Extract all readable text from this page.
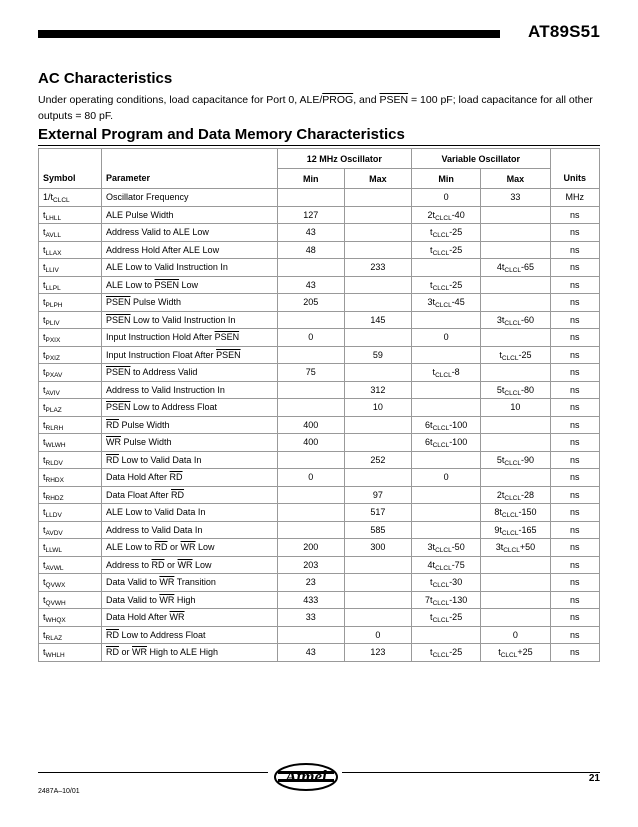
AT89S51
AC Characteristics
Under operating conditions, load capacitance for Port 0, ALE/PROG, and PSEN = 100 pF; load capacitance for all other outputs = 80 pF.
External Program and Data Memory Characteristics
		12 MHz Oscillator		Variable Oscillator		
Symbol	Parameter	Min	Max	Min	Max	Units
$1/t_{CLCL}$	Oscillator Frequency			0	33	MHz
$t_{LHLL}$	ALE Pulse Width	127		$2t_{CLCL}-40$		ns
$t_{AVLL}$	Address Valid to ALE Low	43		$t_{CLCL}-25$		ns
$t_{LLAX}$	Address Hold After ALE Low	48		$t_{CLCL}-25$		ns
$t_{LLIV}$	ALE Low to Valid Instruction In		233		$4t_{CLCL}-65$	ns
$t_{LLPL}$	ALE Low to PSEN Low	43		$t_{CLCL}-25$		ns
$t_{PLPH}$	PSEN Pulse Width	205		$3t_{CLCL}-45$		ns
$t_{PLIV}$	PSEN Low to Valid Instruction In		145		$3t_{CLCL}-60$	ns
$t_{PXIX}$	Input Instruction Hold After PSEN	0		0		ns
$t_{PXIZ}$	Input Instruction Float After PSEN		59		$t_{CLCL}-25$	ns
$t_{PXAV}$	PSEN to Address Valid	75		$t_{CLCL}-8$		ns
$t_{AVIV}$	Address to Valid Instruction In		312		$5t_{CLCL}-80$	ns
$t_{PLAZ}$	PSEN Low to Address Float		10		10	ns
$t_{RLRH}$	$\overline{RD}$ Pulse Width	400		$6t_{CLCL}-100$		ns
$t_{WLWH}$	$\overline{WR}$ Pulse Width	400		$6t_{CLCL}-100$		ns
$t_{RLDV}$	$\overline{RD}$ Low to Valid Data In		252		$5t_{CLCL}-90$	ns
$t_{RHDX}$	Data Hold After $\overline{RD}$	0		0		ns
$t_{RHDZ}$	Data Float After $\overline{RD}$		97		$2t_{CLCL}-28$	ns
$t_{LLDV}$	ALE Low to Valid Data In		517		$8t_{CLCL}-150$	ns
$t_{AVDV}$	Address to Valid Data In		585		$9t_{CLCL}-165$	ns
$t_{LLWL}$	ALE Low to $\overline{RD}$ or $\overline{WR}$ Low	200	300	$3t_{CLCL}-50$	$3t_{CLCL}+50$	ns
$t_{AVWL}$	Address to $\overline{RD}$ or $\overline{WR}$ Low	203		$4t_{CLCL}-75$		ns
$t_{QVWX}$	Data Valid to $\overline{WR}$ Transition	23		$t_{CLCL}-30$		ns
$t_{QVWH}$	Data Valid to $\overline{WR}$ High	433		$7t_{CLCL}-130$		ns
$t_{WHQX}$	Data Hold After $\overline{WR}$	33		$t_{CLCL}-25$		ns
$t_{RLAZ}$	$\overline{RD}$ Low to Address Float		0		0	ns
$t_{WHLH}$	$\overline{RD}$ or $\overline{WR}$ High to ALE High	43	123	$t_{CLCL}-25$	$t_{CLCL}+25$	ns
Atmel	21
2487A–10/01
